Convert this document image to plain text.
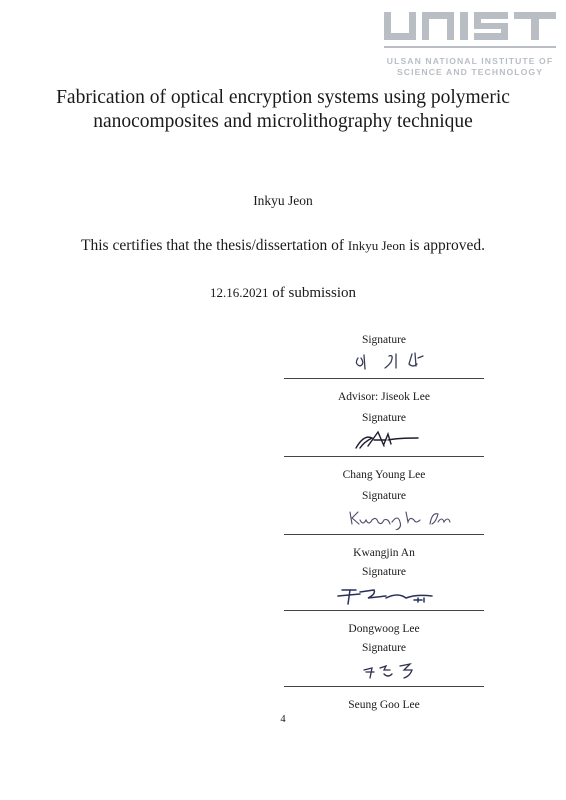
ULSAN NATIONAL INSTITUTE OF
SCIENCE AND TECHNOLOGY
Fabrication of optical encryption systems using polymeric nanocomposites and microlithography technique
Inkyu Jeon
This certifies that the thesis/dissertation of Inkyu Jeon is approved.
12.16.2021 of submission
Signature
Advisor: Jiseok Lee
Signature
Chang Young Lee
Signature
Kwangjin An
Signature
Dongwoog Lee
Signature
Seung Goo Lee
4
